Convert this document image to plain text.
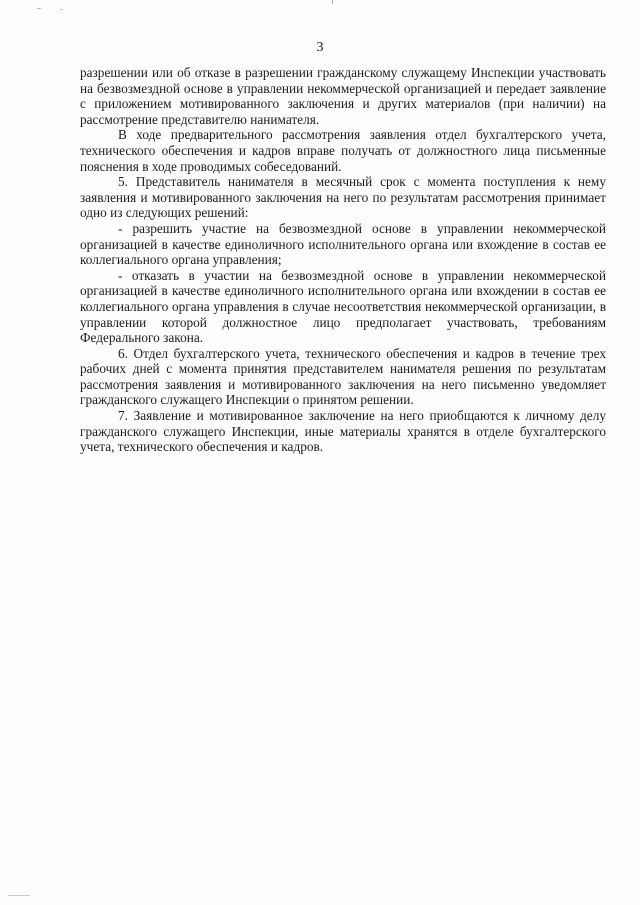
3

разрешении или об отказе в разрешении гражданскому служащему Инспекции участвовать на безвозмездной основе в управлении некоммерческой организацией и передает заявление с приложением мотивированного заключения и других материалов (при наличии) на рассмотрение представителю нанимателя.

В ходе предварительного рассмотрения заявления отдел бухгалтерского учета, технического обеспечения и кадров вправе получать от должностного лица письменные пояснения в ходе проводимых собеседований.

5. Представитель нанимателя в месячный срок с момента поступления к нему заявления и мотивированного заключения на него по результатам рассмотрения принимает одно из следующих решений:

- разрешить участие на безвозмездной основе в управлении некоммерческой организацией в качестве единоличного исполнительного органа или вхождение в состав ее коллегиального органа управления;

- отказать в участии на безвозмездной основе в управлении некоммерческой организацией в качестве единоличного исполнительного органа или вхождении в состав ее коллегиального органа управления в случае несоответствия некоммерческой организации, в управлении которой должностное лицо предполагает участвовать, требованиям Федерального закона.

6. Отдел бухгалтерского учета, технического обеспечения и кадров в течение трех рабочих дней с момента принятия представителем нанимателя решения по результатам рассмотрения заявления и мотивированного заключения на него письменно уведомляет гражданского служащего Инспекции о принятом решении.

7. Заявление и мотивированное заключение на него приобщаются к личному делу гражданского служащего Инспекции, иные материалы хранятся в отделе бухгалтерского учета, технического обеспечения и кадров.
